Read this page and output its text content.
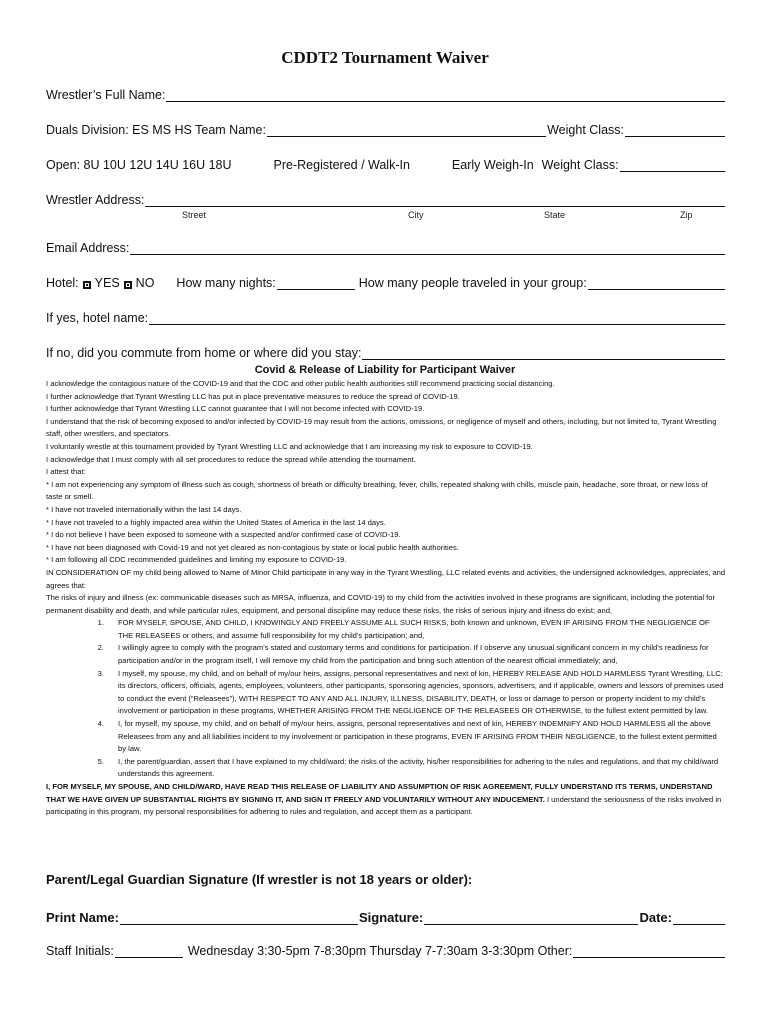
CDDT2 Tournament Waiver
Wrestler’s Full Name:
Duals Division: ES MS HS Team Name:	Weight Class:
Open: 8U 10U 12U 14U 16U 18U	Pre-Registered / Walk-In	Early Weigh-In Weight Class:
Wrestler Address:
Street	City	State	Zip
Email Address:
Hotel: YES NO How many nights:	How many people traveled in your group:
If yes, hotel name:
If no, did you commute from home or where did you stay:
Covid & Release of Liability for Participant Waiver

I acknowledge the contagious nature of the COVID-19 and that the CDC and other public health authorities still recommend practicing social distancing.

I further acknowledge that Tyrant Wrestling LLC has put in place preventative measures to reduce the spread of COVID-19.

I further acknowledge that Tyrant Wrestling LLC cannot guarantee that I will not become infected with COVID-19.

I understand that the risk of becoming exposed to and/or infected by COVID-19 may result from the actions, omissions, or negligence of myself and others, including, but not limited to, Tyrant Wrestling staff, other wrestlers, and spectators.

I voluntarily wrestle at this tournament provided by Tyrant Wrestling LLC and acknowledge that I am increasing my risk to exposure to COVID-19.

I acknowledge that I must comply with all set procedures to reduce the spread while attending the tournament.

I attest that:

* I am not experiencing any symptom of illness such as cough, shortness of breath or difficulty breathing, fever, chills, repeated shaking with chills, muscle pain, headache, sore throat, or new loss of taste or smell.

* I have not traveled internationally within the last 14 days.

* I have not traveled to a highly impacted area within the United States of America in the last 14 days.

* I do not believe I have been exposed to someone with a suspected and/or confirmed case of COVID-19.

* I have not been diagnosed with Covid-19 and not yet cleared as non-contagious by state or local public health authorities.

* I am following all CDC recommended guidelines and limiting my exposure to COVID-19.

IN CONSIDERATION OF my child being allowed to Name of Minor Child participate in any way in the Tyrant Wrestling, LLC related events and activities, the undersigned acknowledges, appreciates, and agrees that:

The risks of injury and illness (ex: communicable diseases such as MRSA, influenza, and COVID-19) to my child from the activities involved in these programs are significant, including the potential for permanent disability and death, and while particular rules, equipment, and personal discipline may reduce these risks, the risks of serious injury and illness do exist; and,

1.	FOR MYSELF, SPOUSE, AND CHILD, I KNOWINGLY AND FREELY ASSUME ALL SUCH RISKS, both known and unknown, EVEN IF ARISING FROM THE NEGLIGENCE OF THE RELEASEES or others, and assume full responsibility for my child’s participation; and,
2.	I willingly agree to comply with the program’s stated and customary terms and conditions for participation. If I observe any unusual significant concern in my child’s readiness for participation and/or in the program itself, I will remove my child from the participation and bring such attention of the nearest official immediately; and,
3.	I myself, my spouse, my child, and on behalf of my/our heirs, assigns, personal representatives and next of kin, HEREBY RELEASE AND HOLD HARMLESS Tyrant Wrestling, LLC; its directors, officers, officials, agents, employees, volunteers, other participants, sponsoring agencies, sponsors, advertisers, and if applicable, owners and lessors of premises used to conduct the event (“Releasees”), WITH RESPECT TO ANY AND ALL INJURY, ILLNESS, DISABILITY, DEATH, or loss or damage to person or property incident to my child’s involvement or participation in these programs, WHETHER ARISING FROM THE NEGLIGENCE OF THE RELEASEES OR OTHERWISE, to the fullest extent permitted by law.
4.	I, for myself, my spouse, my child, and on behalf of my/our heirs, assigns, personal representatives and next of kin, HEREBY INDEMNIFY AND HOLD HARMLESS all the above Releasees from any and all liabilities incident to my involvement or participation in these programs, EVEN IF ARISING FROM THEIR NEGLIGENCE, to the fullest extent permitted by law.
5.	I, the parent/guardian, assert that I have explained to my child/ward: the risks of the activity, his/her responsibilities for adhering to the rules and regulations, and that my child/ward understands this agreement.

I, FOR MYSELF, MY SPOUSE, AND CHILD/WARD, HAVE READ THIS RELEASE OF LIABILITY AND ASSUMPTION OF RISK AGREEMENT, FULLY UNDERSTAND ITS TERMS, UNDERSTAND THAT WE HAVE GIVEN UP SUBSTANTIAL RIGHTS BY SIGNING IT, AND SIGN IT FREELY AND VOLUNTARILY WITHOUT ANY INDUCEMENT. I understand the seriousness of the risks involved in participating in this program, my personal responsibilities for adhering to rules and regulation, and accept them as a participant.

Parent/Legal Guardian Signature (If wrestler is not 18 years or older):
Print Name:	Signature:	Date:
Staff Initials:	Wednesday 3:30-5pm 7-8:30pm Thursday 7-7:30am 3-3:30pm Other:
